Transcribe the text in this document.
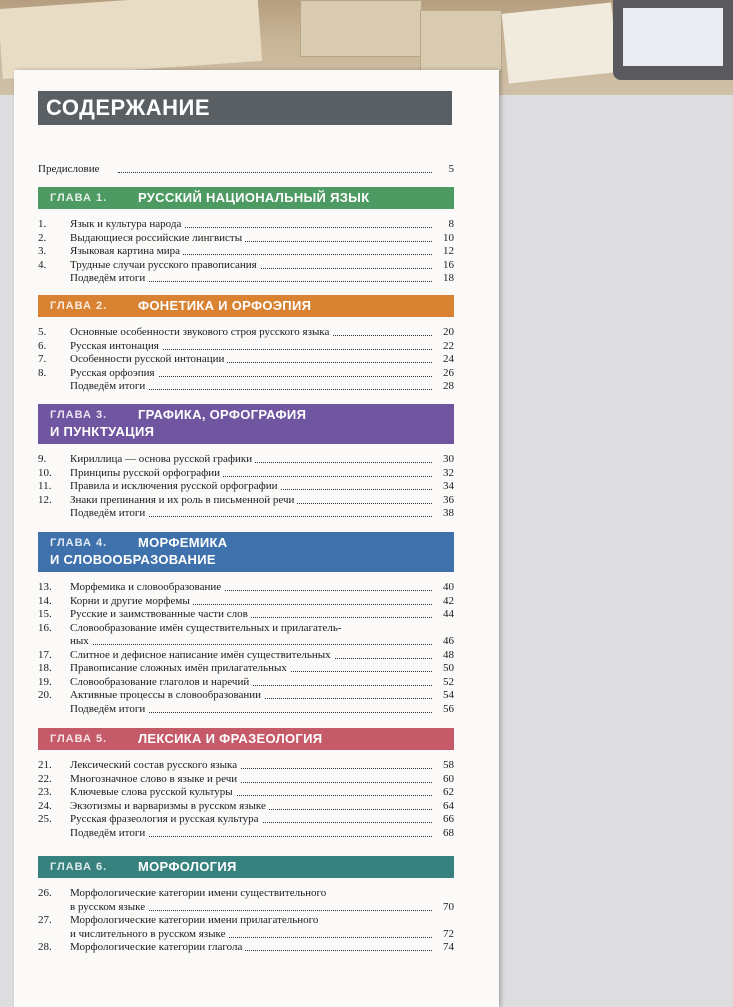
СОДЕРЖАНИЕ
Предисловие	5
ГЛАВА 1. РУССКИЙ НАЦИОНАЛЬНЫЙ ЯЗЫК
1. Язык и культура народа	8
2. Выдающиеся российские лингвисты	10
3. Языковая картина мира	12
4. Трудные случаи русского правописания	16
Подведём итоги	18
ГЛАВА 2. ФОНЕТИКА И ОРФОЭПИЯ
5. Основные особенности звукового строя русского языка	20
6. Русская интонация	22
7. Особенности русской интонации	24
8. Русская орфоэпия	26
Подведём итоги	28
ГЛАВА 3. ГРАФИКА, ОРФОГРАФИЯ
И ПУНКТУАЦИЯ
9. Кириллица — основа русской графики	30
10. Принципы русской орфографии	32
11. Правила и исключения русской орфографии	34
12. Знаки препинания и их роль в письменной речи	36
Подведём итоги	38
ГЛАВА 4. МОРФЕМИКА
И СЛОВООБРАЗОВАНИЕ
13. Морфемика и словообразование	40
14. Корни и другие морфемы	42
15. Русские и заимствованные части слов	44
16. Словообразование имён существительных и прилагатель-
ных	46
17. Слитное и дефисное написание имён существительных	48
18. Правописание сложных имён прилагательных	50
19. Словообразование глаголов и наречий	52
20. Активные процессы в словообразовании	54
Подведём итоги	56
ГЛАВА 5. ЛЕКСИКА И ФРАЗЕОЛОГИЯ
21. Лексический состав русского языка	58
22. Многозначное слово в языке и речи	60
23. Ключевые слова русской культуры	62
24. Экзотизмы и варваризмы в русском языке	64
25. Русская фразеология и русская культура	66
Подведём итоги	68
ГЛАВА 6. МОРФОЛОГИЯ
26. Морфологические категории имени существительного
в русском языке	70
27. Морфологические категории имени прилагательного
и числительного в русском языке	72
28. Морфологические категории глагола	74
